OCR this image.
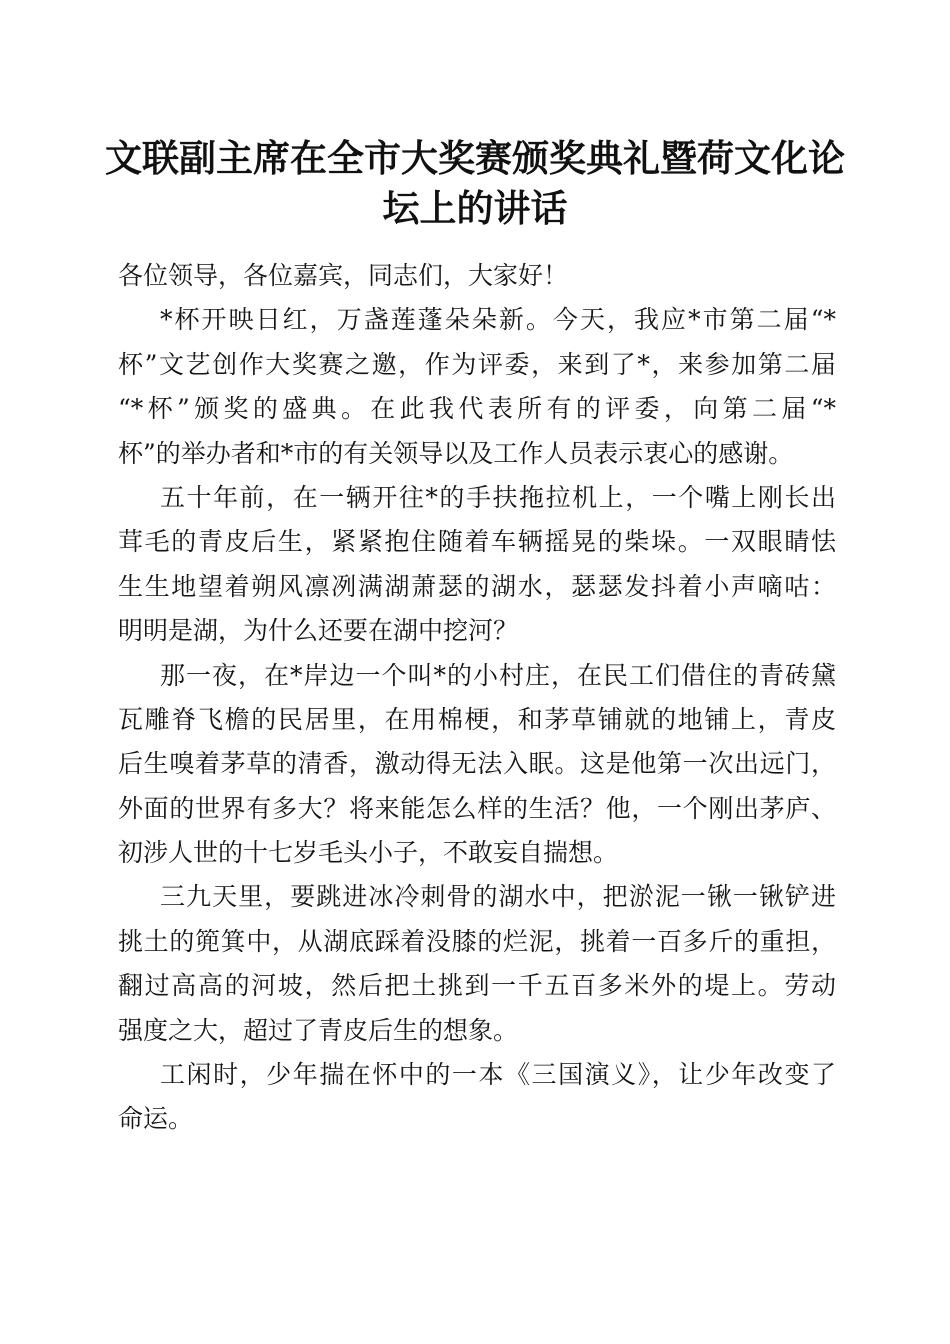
文联副主席在全市大奖赛颁奖典礼暨荷文化论
坛上的讲话
各位领导，各位嘉宾，同志们，大家好！
*杯开映日红，万盏莲蓬朵朵新。今天，我应*市第二届“*
杯”文艺创作大奖赛之邀，作为评委，来到了*，来参加第二届
“*杯”颁奖的盛典。在此我代表所有的评委，向第二届“*
杯”的举办者和*市的有关领导以及工作人员表示衷心的感谢。
五十年前，在一辆开往*的手扶拖拉机上，一个嘴上刚长出
茸毛的青皮后生，紧紧抱住随着车辆摇晃的柴垛。一双眼睛怯
生生地望着朔风凛冽满湖萧瑟的湖水，瑟瑟发抖着小声嘀咕：
明明是湖，为什么还要在湖中挖河？
那一夜，在*岸边一个叫*的小村庄，在民工们借住的青砖黛
瓦雕脊飞檐的民居里，在用棉梗，和茅草铺就的地铺上，青皮
后生嗅着茅草的清香，激动得无法入眠。这是他第一次出远门，
外面的世界有多大？将来能怎么样的生活？他，一个刚出茅庐、
初涉人世的十七岁毛头小子，不敢妄自揣想。
三九天里，要跳进冰冷刺骨的湖水中，把淤泥一锹一锹铲进
挑土的篼箕中，从湖底踩着没膝的烂泥，挑着一百多斤的重担，
翻过高高的河坡，然后把土挑到一千五百多米外的堤上。劳动
强度之大，超过了青皮后生的想象。
工闲时，少年揣在怀中的一本《三国演义》，让少年改变了
命运。
